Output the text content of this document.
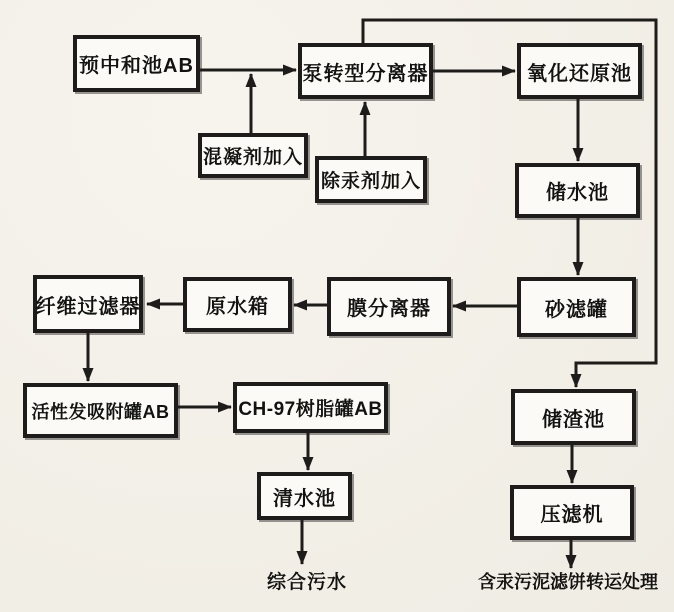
预中和池AB	泵转型分离器	氧化还原池
混凝剂加入
除汞剂加入
储水池
砂滤罐
膜分离器
原水箱
纤维过滤器
活性发吸附罐AB	CH-97树脂罐AB
清水池
储渣池
压滤机
综合污水	含汞污泥滤饼转运处理
